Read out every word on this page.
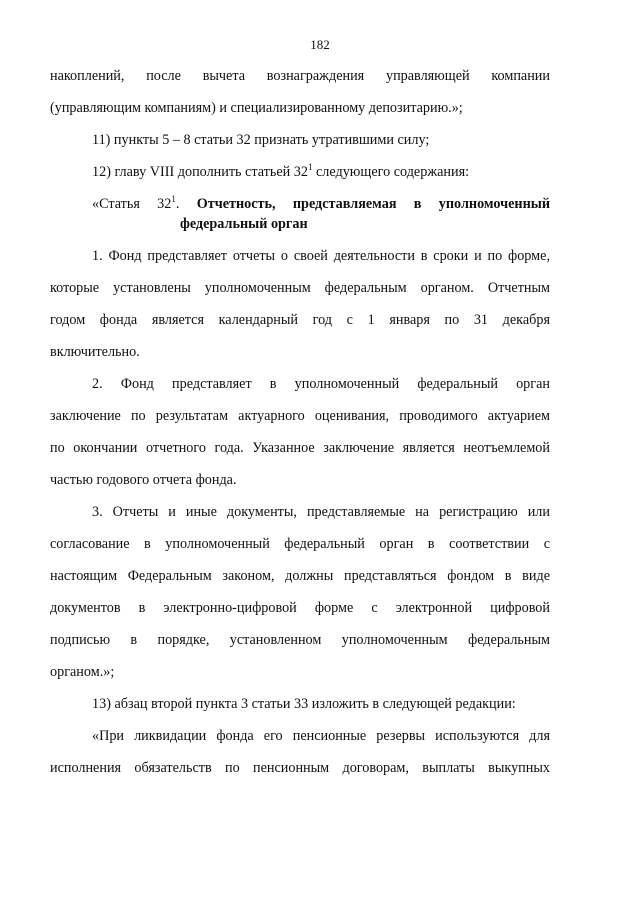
182
накоплений, после вычета вознаграждения управляющей компании
(управляющим компаниям) и специализированному депозитарию.»;
11) пункты 5 – 8 статьи 32 признать утратившими силу;
12) главу VIII дополнить статьей $32^1$ следующего содержания:
«Статья $32^1$. Отчетность, представляемая в уполномоченный
федеральный орган
1. Фонд представляет отчеты о своей деятельности в сроки и по форме,
которые установлены уполномоченным федеральным органом. Отчетным
годом фонда является календарный год с 1 января по 31 декабря
включительно.
2. Фонд представляет в уполномоченный федеральный орган
заключение по результатам актуарного оценивания, проводимого актуарием
по окончании отчетного года. Указанное заключение является неотъемлемой
частью годового отчета фонда.
3. Отчеты и иные документы, представляемые на регистрацию или
согласование в уполномоченный федеральный орган в соответствии с
настоящим Федеральным законом, должны представляться фондом в виде
документов в электронно-цифровой форме с электронной цифровой
подписью в порядке, установленном уполномоченным федеральным
органом.»;
13) абзац второй пункта 3 статьи 33 изложить в следующей редакции:
«При ликвидации фонда его пенсионные резервы используются для
исполнения обязательств по пенсионным договорам, выплаты выкупных
